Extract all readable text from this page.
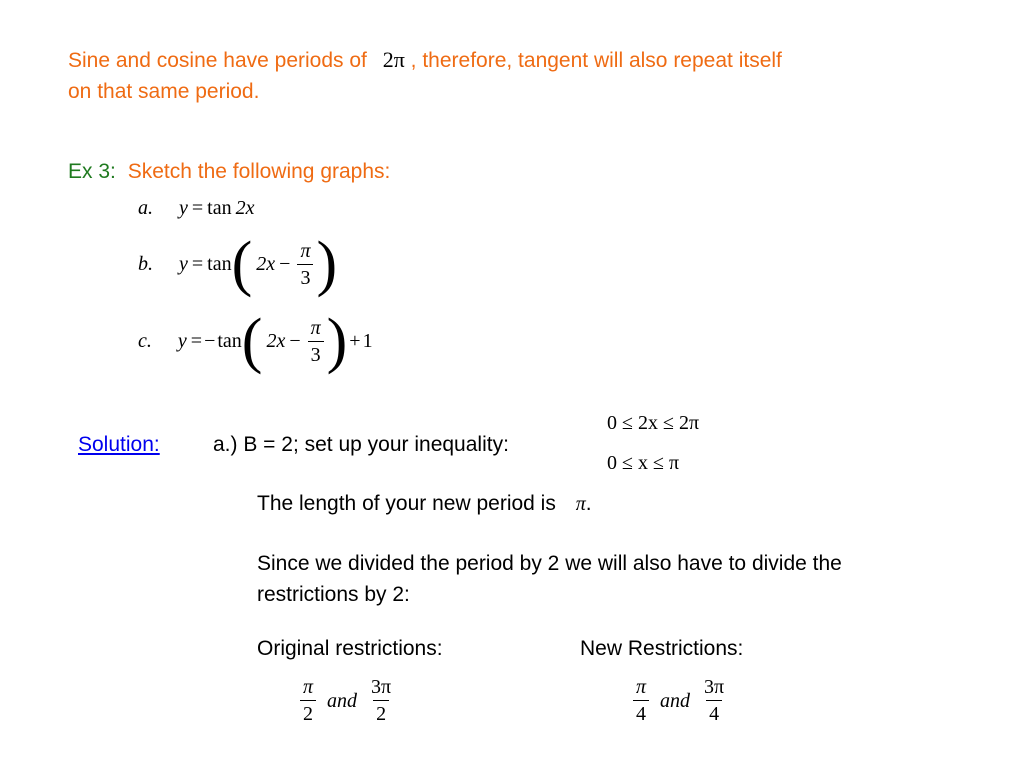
Sine and cosine have periods of 2π , therefore, tangent will also repeat itself
on that same period.
Ex 3: Sketch the following graphs:
a. y = tan 2x
b. y = tan ( $2x - \frac{\pi}{3}$ )
c. y = − tan ( $2x - \frac{\pi}{3}$ ) + 1
Solution:	a.) B = 2; set up your inequality:
0 ≤ 2x ≤ 2π
0 ≤ x ≤ π
The length of your new period is π.
Since we divided the period by 2 we will also have to divide the
restrictions by 2:
Original restrictions:	New Restrictions:
$\frac{\pi}{2}$ and $\frac{3\pi}{2}$	$\frac{\pi}{4}$ and $\frac{3\pi}{4}$
